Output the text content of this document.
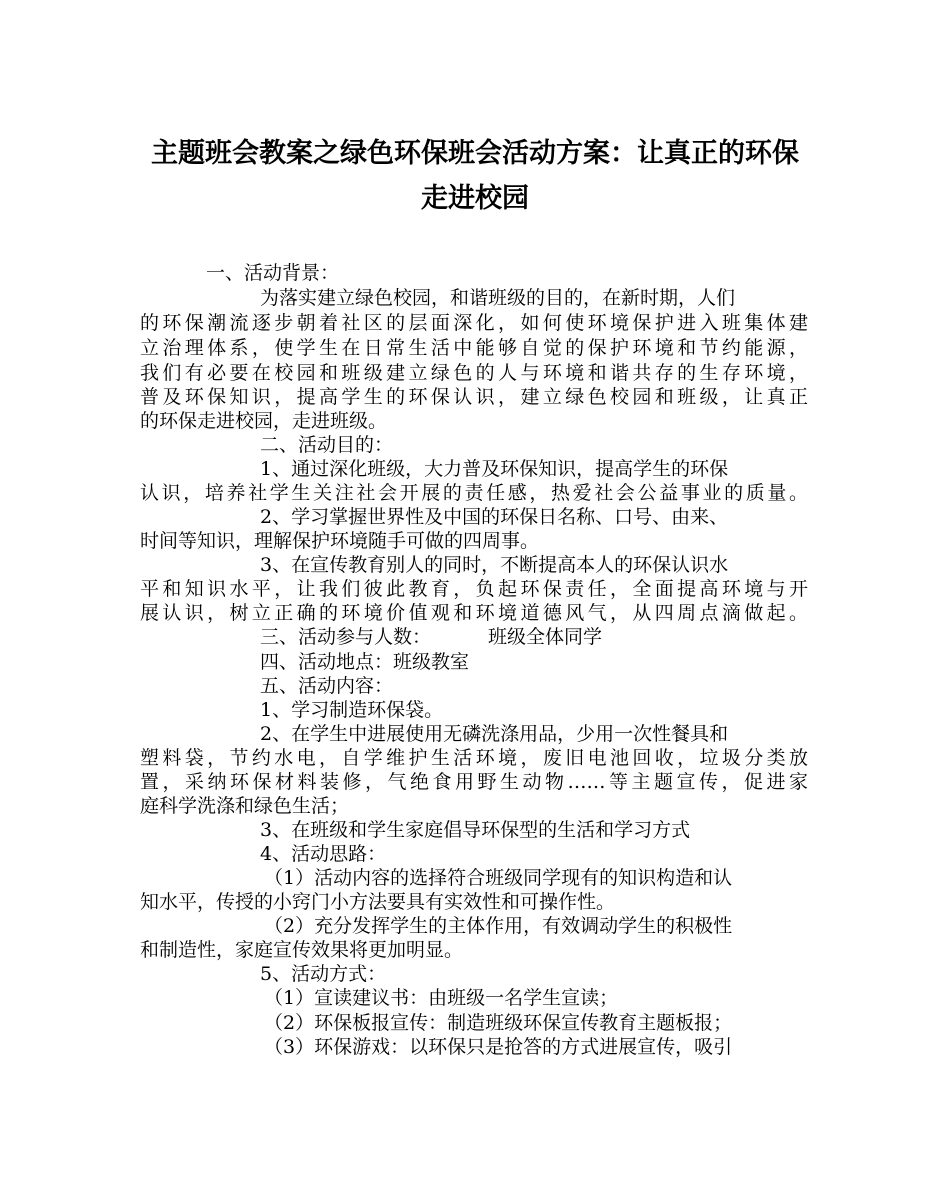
主题班会教案之绿色环保班会活动方案：让真正的环保
走进校园
一、活动背景：
为落实建立绿色校园，和谐班级的目的，在新时期，人们
的环保潮流逐步朝着社区的层面深化，如何使环境保护进入班集体建
立治理体系，使学生在日常生活中能够自觉的保护环境和节约能源，
我们有必要在校园和班级建立绿色的人与环境和谐共存的生存环境，
普及环保知识，提高学生的环保认识，建立绿色校园和班级，让真正
的环保走进校园，走进班级。
二、活动目的：
1、通过深化班级，大力普及环保知识，提高学生的环保
认识，培养社学生关注社会开展的责任感，热爱社会公益事业的质量。
2、学习掌握世界性及中国的环保日名称、口号、由来、
时间等知识，理解保护环境随手可做的四周事。
3、在宣传教育别人的同时，不断提高本人的环保认识水
平和知识水平，让我们彼此教育，负起环保责任，全面提高环境与开
展认识，树立正确的环境价值观和环境道德风气，从四周点滴做起。
三、活动参与人数：	班级全体同学
四、活动地点：班级教室
五、活动内容：
1、学习制造环保袋。
2、在学生中进展使用无磷洗涤用品，少用一次性餐具和
塑料袋，节约水电，自学维护生活环境，废旧电池回收，垃圾分类放
置，采纳环保材料装修，气绝食用野生动物……等主题宣传，促进家
庭科学洗涤和绿色生活；
3、在班级和学生家庭倡导环保型的生活和学习方式
4、活动思路：
（1）活动内容的选择符合班级同学现有的知识构造和认
知水平，传授的小窍门小方法要具有实效性和可操作性。
（2）充分发挥学生的主体作用，有效调动学生的积极性
和制造性，家庭宣传效果将更加明显。
5、活动方式：
（1）宣读建议书：由班级一名学生宣读；
（2）环保板报宣传：制造班级环保宣传教育主题板报；
（3）环保游戏：以环保只是抢答的方式进展宣传，吸引
